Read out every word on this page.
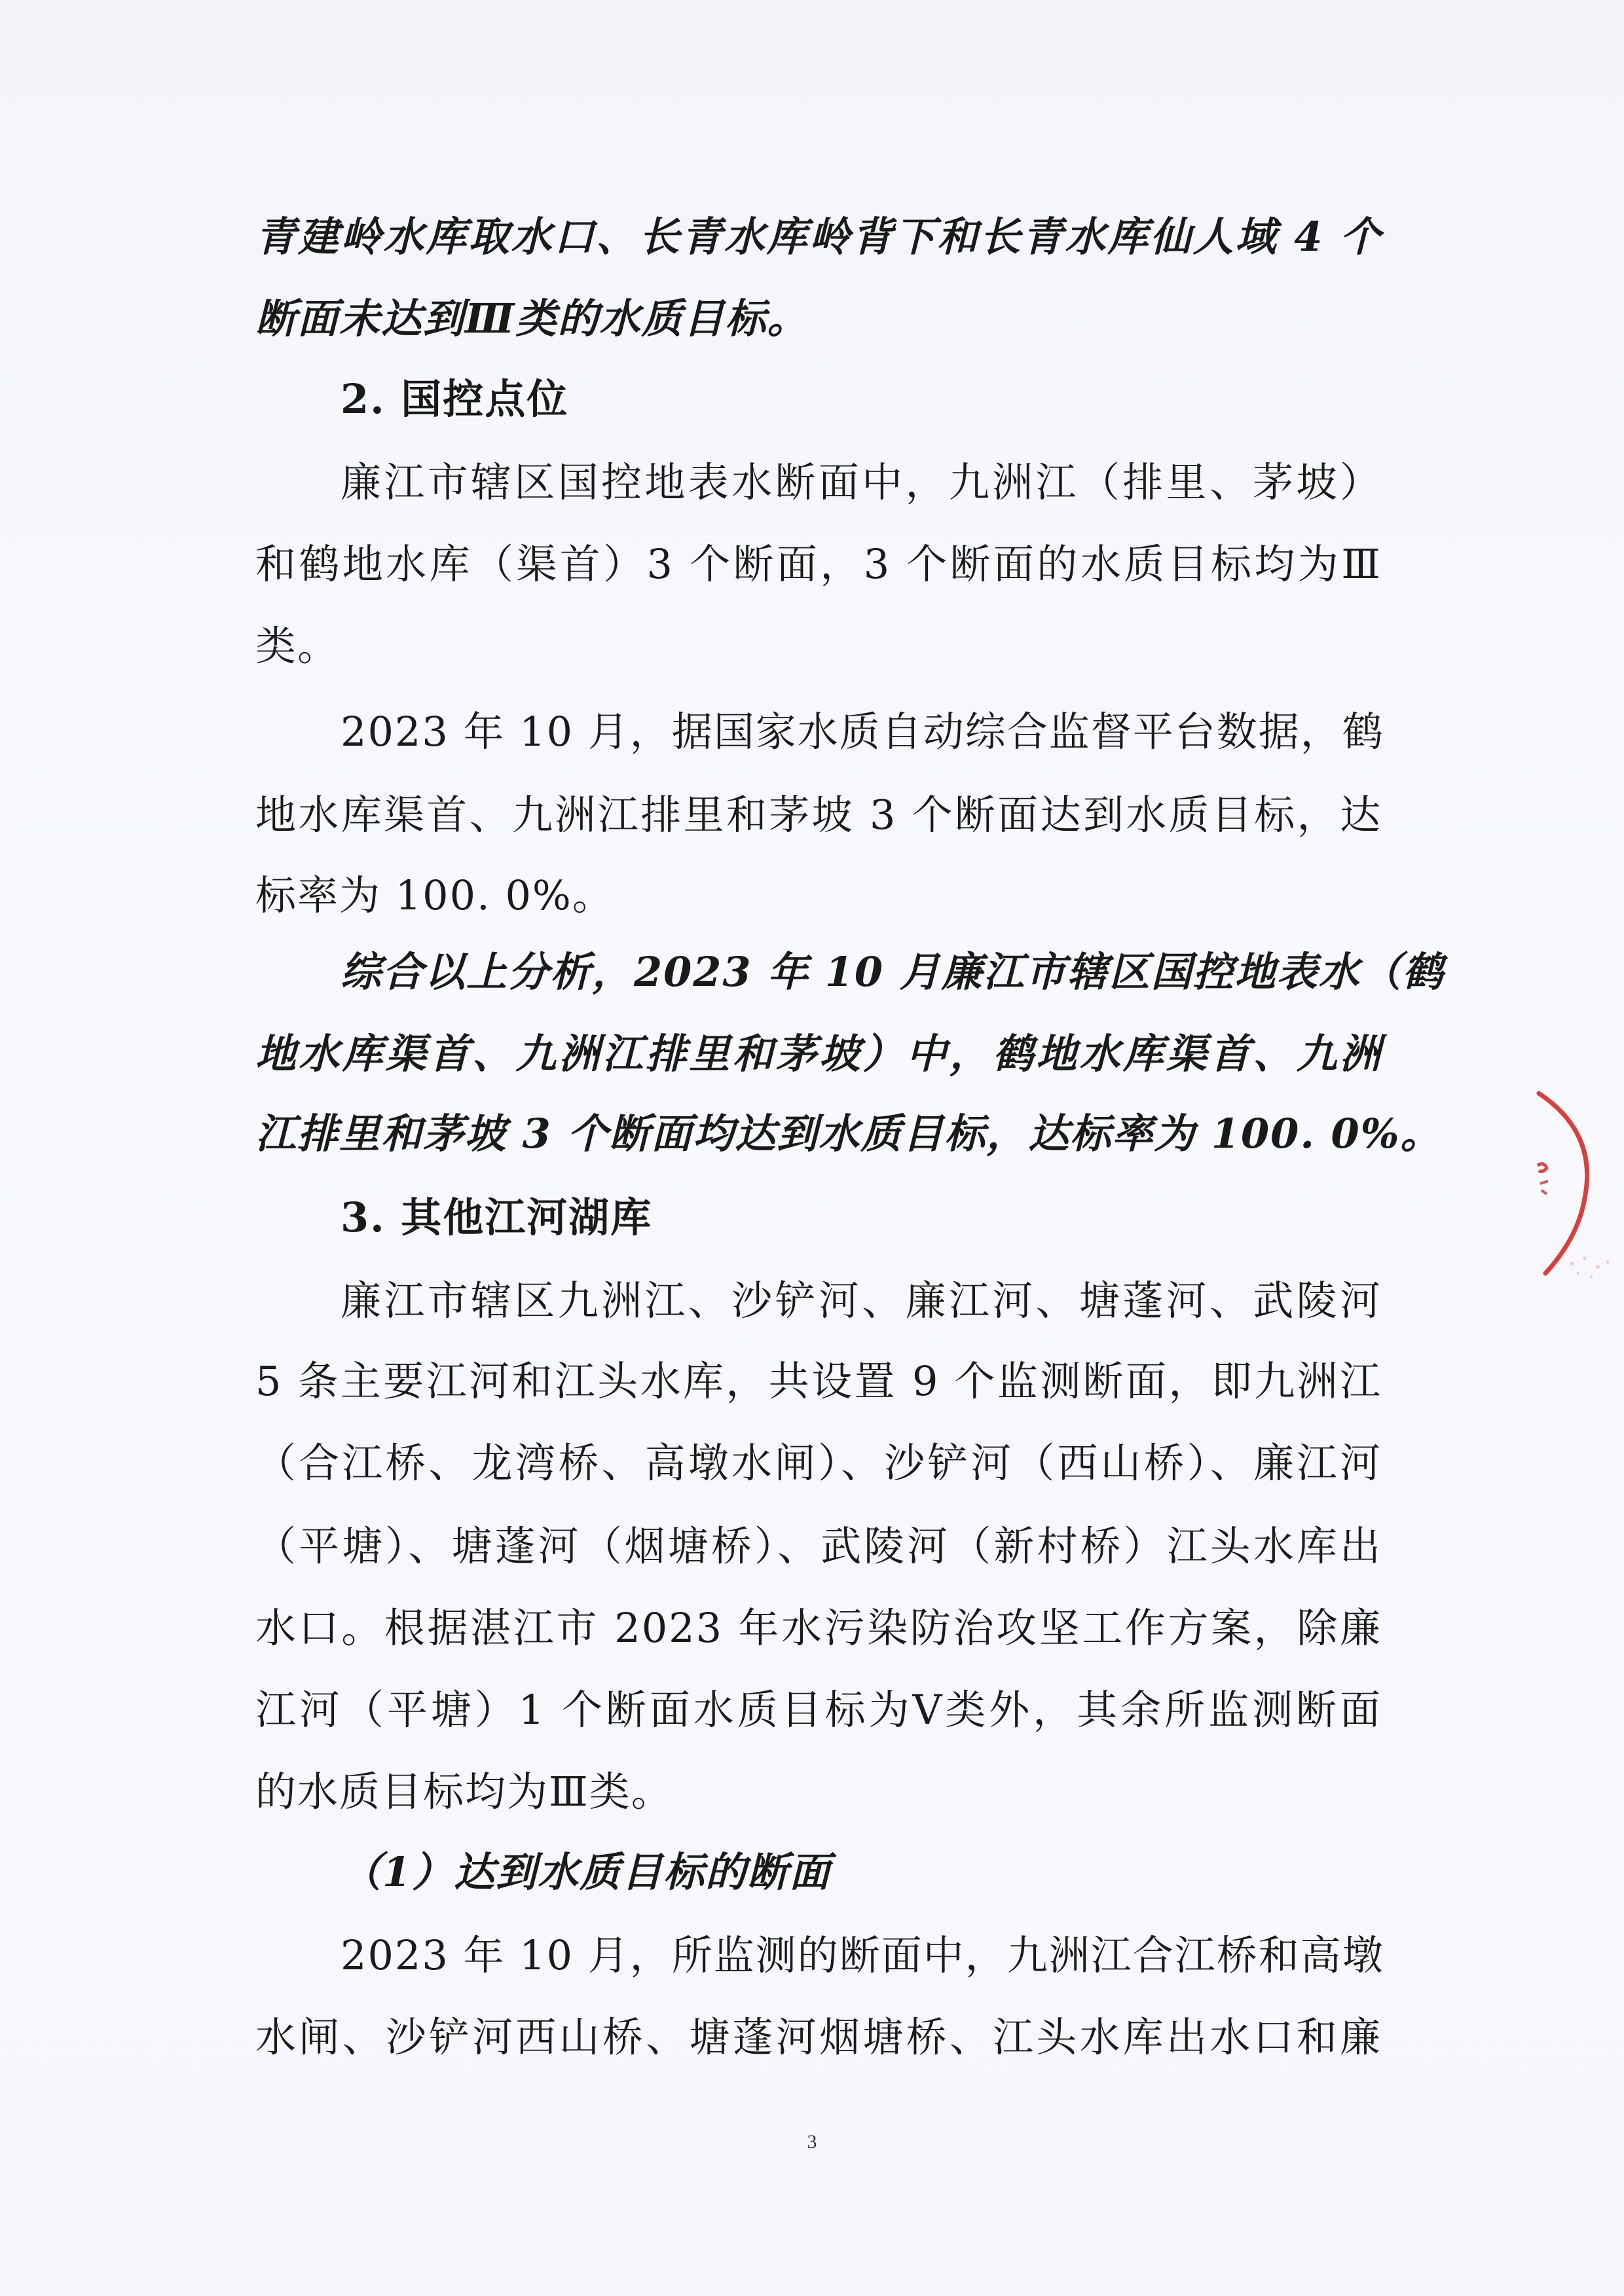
青建岭水库取水口、长青水库岭背下和长青水库仙人域 4 个
断面未达到Ⅲ类的水质目标。
2. 国控点位
廉江市辖区国控地表水断面中，九洲江（排里、茅坡）
和鹤地水库（渠首）3 个断面，3 个断面的水质目标均为Ⅲ
类。
2023 年 10 月，据国家水质自动综合监督平台数据，鹤
地水库渠首、九洲江排里和茅坡 3 个断面达到水质目标，达
标率为 100. 0%。
综合以上分析，2023 年 10 月廉江市辖区国控地表水（鹤
地水库渠首、九洲江排里和茅坡）中，鹤地水库渠首、九洲
江排里和茅坡 3 个断面均达到水质目标，达标率为 100. 0%。
3. 其他江河湖库
廉江市辖区九洲江、沙铲河、廉江河、塘蓬河、武陵河
5 条主要江河和江头水库，共设置 9 个监测断面，即九洲江
（合江桥、龙湾桥、高墩水闸）、沙铲河（西山桥）、廉江河
（平塘）、塘蓬河（烟塘桥）、武陵河（新村桥）江头水库出
水口。根据湛江市 2023 年水污染防治攻坚工作方案，除廉
江河（平塘）1 个断面水质目标为Ⅴ类外，其余所监测断面
的水质目标均为Ⅲ类。
（1）达到水质目标的断面
2023 年 10 月，所监测的断面中，九洲江合江桥和高墩
水闸、沙铲河西山桥、塘蓬河烟塘桥、江头水库出水口和廉
3
